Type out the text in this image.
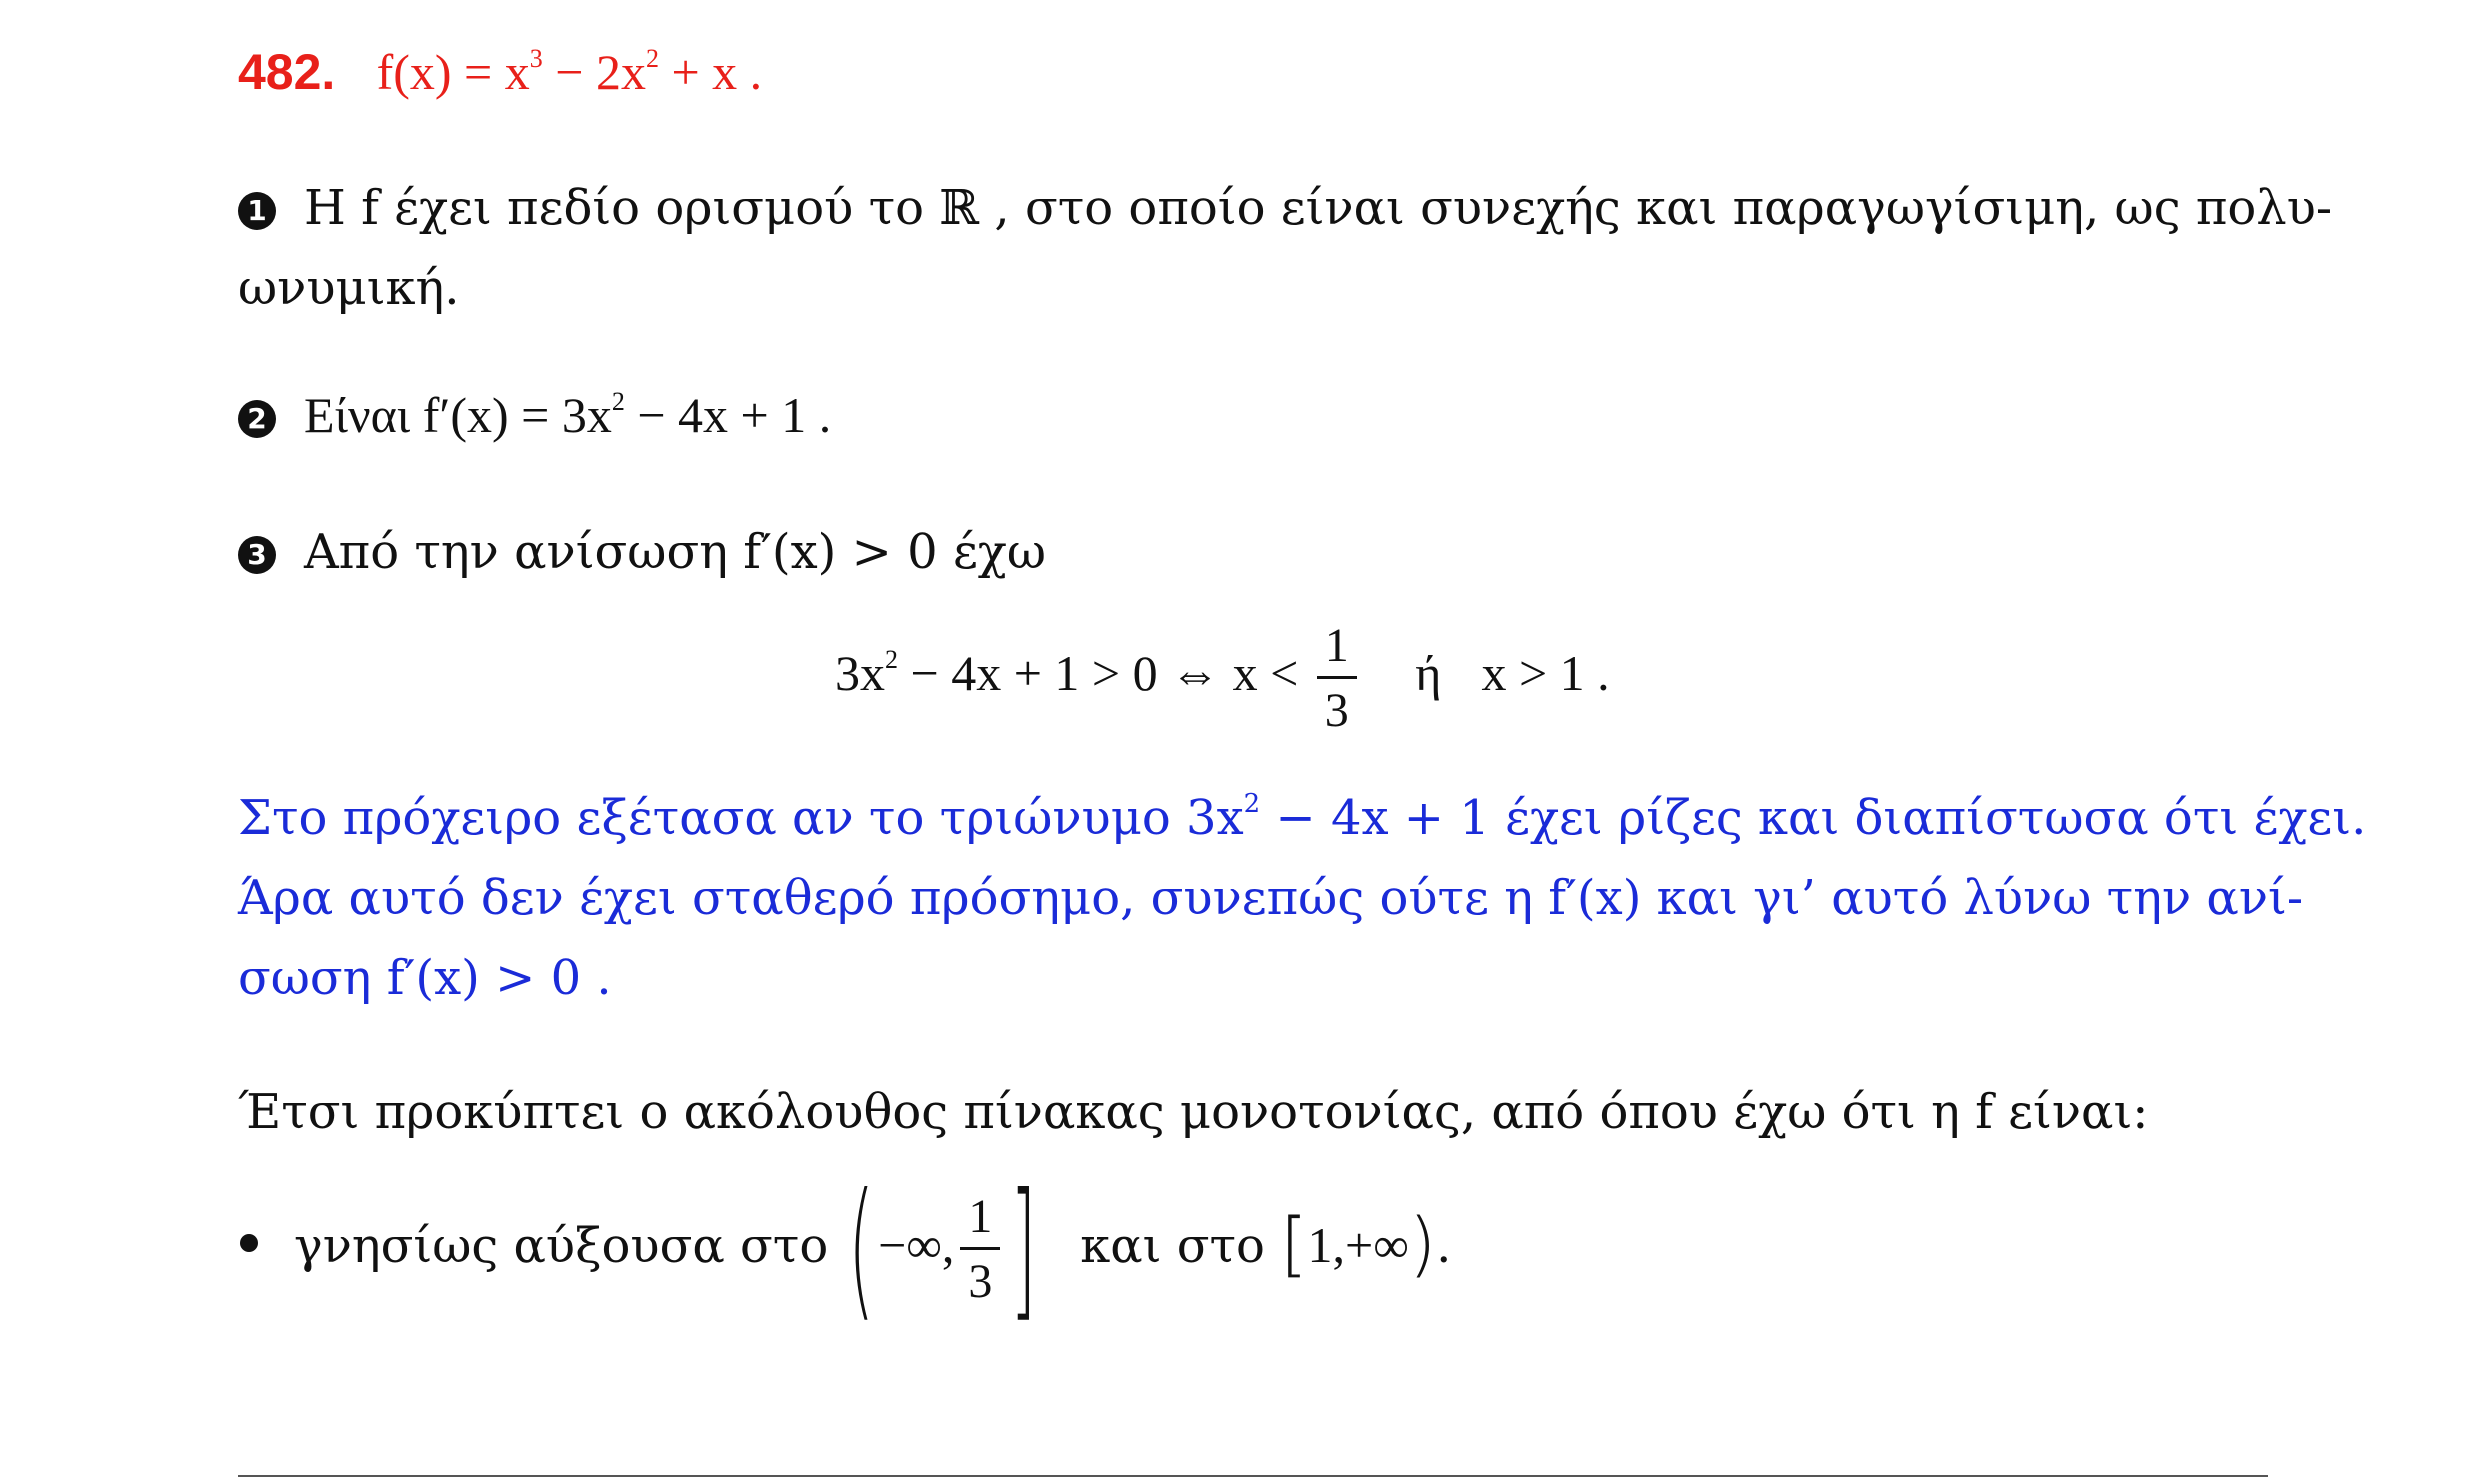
482. $f(x) = x^3 - 2x^2 + x$ .
1 Η f έχει πεδίο ορισμού το ℝ , στο οποίο είναι συνεχής και παραγωγίσιμη, ως πολυ-
ωνυμική.
2 Είναι $f'(x) = 3x^2 - 4x + 1$ .
3 Από την ανίσωση f′(x) > 0 έχω
$3x^2 - 4x + 1 > 0$ ⇔ $x < \frac{1}{3}$ ή x > 1 .
Στο πρόχειρο εξέτασα αν το τριώνυμο $3x^2 - 4x + 1$ έχει ρίζες και διαπίστωσα ότι έχει.
Άρα αυτό δεν έχει σταθερό πρόσημο, συνεπώς ούτε η f′(x) και γι’ αυτό λύνω την ανί-
σωση f′(x) > 0 .
Έτσι προκύπτει ο ακόλουθος πίνακας μονοτονίας, από όπου έχω ότι η f είναι:
γνησίως αύξουσα στο (−∞, $\frac{1}{3}$ ] και στο [1,+∞).
